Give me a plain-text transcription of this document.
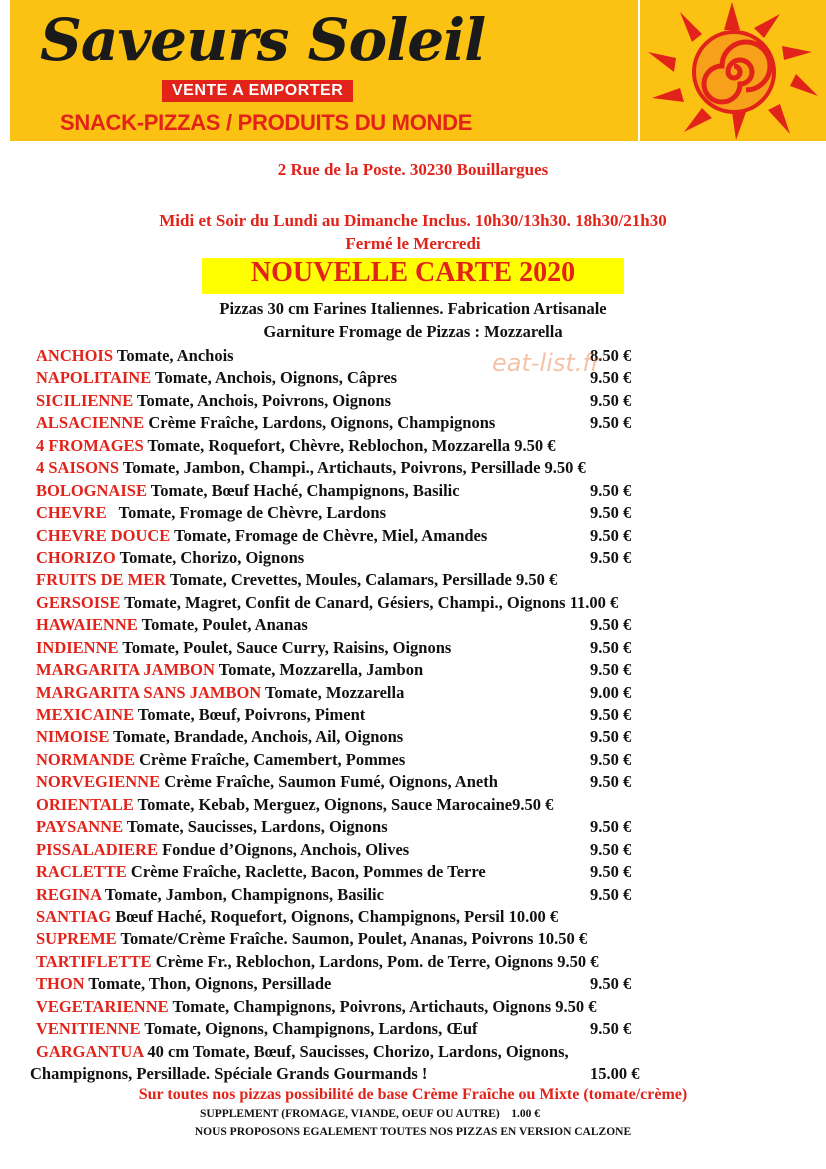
Saveurs Soleil
VENTE A EMPORTER
SNACK-PIZZAS / PRODUITS DU MONDE
2 Rue de la Poste. 30230 Bouillargues
Midi et Soir du Lundi au Dimanche Inclus. 10h30/13h30. 18h30/21h30
Fermé le Mercredi
NOUVELLE CARTE 2020
Pizzas 30 cm Farines Italiennes. Fabrication Artisanale
Garniture Fromage de Pizzas : Mozzarella
ANCHOIS Tomate, Anchois	8.50 €
NAPOLITAINE Tomate, Anchois, Oignons, Câpres	9.50 €
SICILIENNE Tomate, Anchois, Poivrons, Oignons	9.50 €
ALSACIENNE Crème Fraîche, Lardons, Oignons, Champignons	9.50 €
4 FROMAGES Tomate, Roquefort, Chèvre, Reblochon, Mozzarella 9.50 €
4 SAISONS Tomate, Jambon, Champi., Artichauts, Poivrons, Persillade 9.50 €
BOLOGNAISE Tomate, Bœuf Haché, Champignons, Basilic	9.50 €
CHEVRE   Tomate, Fromage de Chèvre, Lardons	9.50 €
CHEVRE DOUCE Tomate, Fromage de Chèvre, Miel, Amandes	9.50 €
CHORIZO Tomate, Chorizo, Oignons	9.50 €
FRUITS DE MER Tomate, Crevettes, Moules, Calamars, Persillade 9.50 €
GERSOISE Tomate, Magret, Confit de Canard, Gésiers, Champi., Oignons 11.00 €
HAWAIENNE Tomate, Poulet, Ananas	9.50 €
INDIENNE Tomate, Poulet, Sauce Curry, Raisins, Oignons	9.50 €
MARGARITA JAMBON Tomate, Mozzarella, Jambon	9.50 €
MARGARITA SANS JAMBON Tomate, Mozzarella	9.00 €
MEXICAINE Tomate, Bœuf, Poivrons, Piment	9.50 €
NIMOISE Tomate, Brandade, Anchois, Ail, Oignons	9.50 €
NORMANDE Crème Fraîche, Camembert, Pommes	9.50 €
NORVEGIENNE Crème Fraîche, Saumon Fumé, Oignons, Aneth	9.50 €
ORIENTALE Tomate, Kebab, Merguez, Oignons, Sauce Marocaine9.50 €
PAYSANNE Tomate, Saucisses, Lardons, Oignons	9.50 €
PISSALADIERE Fondue d’Oignons, Anchois, Olives	9.50 €
RACLETTE Crème Fraîche, Raclette, Bacon, Pommes de Terre	9.50 €
REGINA Tomate, Jambon, Champignons, Basilic	9.50 €
SANTIAG Bœuf Haché, Roquefort, Oignons, Champignons, Persil 10.00 €
SUPREME Tomate/Crème Fraîche. Saumon, Poulet, Ananas, Poivrons 10.50 €
TARTIFLETTE Crème Fr., Reblochon, Lardons, Pom. de Terre, Oignons 9.50 €
THON Tomate, Thon, Oignons, Persillade	9.50 €
VEGETARIENNE Tomate, Champignons, Poivrons, Artichauts, Oignons 9.50 €
VENITIENNE Tomate, Oignons, Champignons, Lardons, Œuf	9.50 €
GARGANTUA 40 cm Tomate, Bœuf, Saucisses, Chorizo, Lardons, Oignons,
Champignons, Persillade. Spéciale Grands Gourmands !	15.00 €
eat-list.fr
Sur toutes nos pizzas possibilité de base Crème Fraîche ou Mixte (tomate/crème)
SUPPLEMENT (FROMAGE, VIANDE, OEUF OU AUTRE) 1.00 €
NOUS PROPOSONS EGALEMENT TOUTES NOS PIZZAS EN VERSION CALZONE
